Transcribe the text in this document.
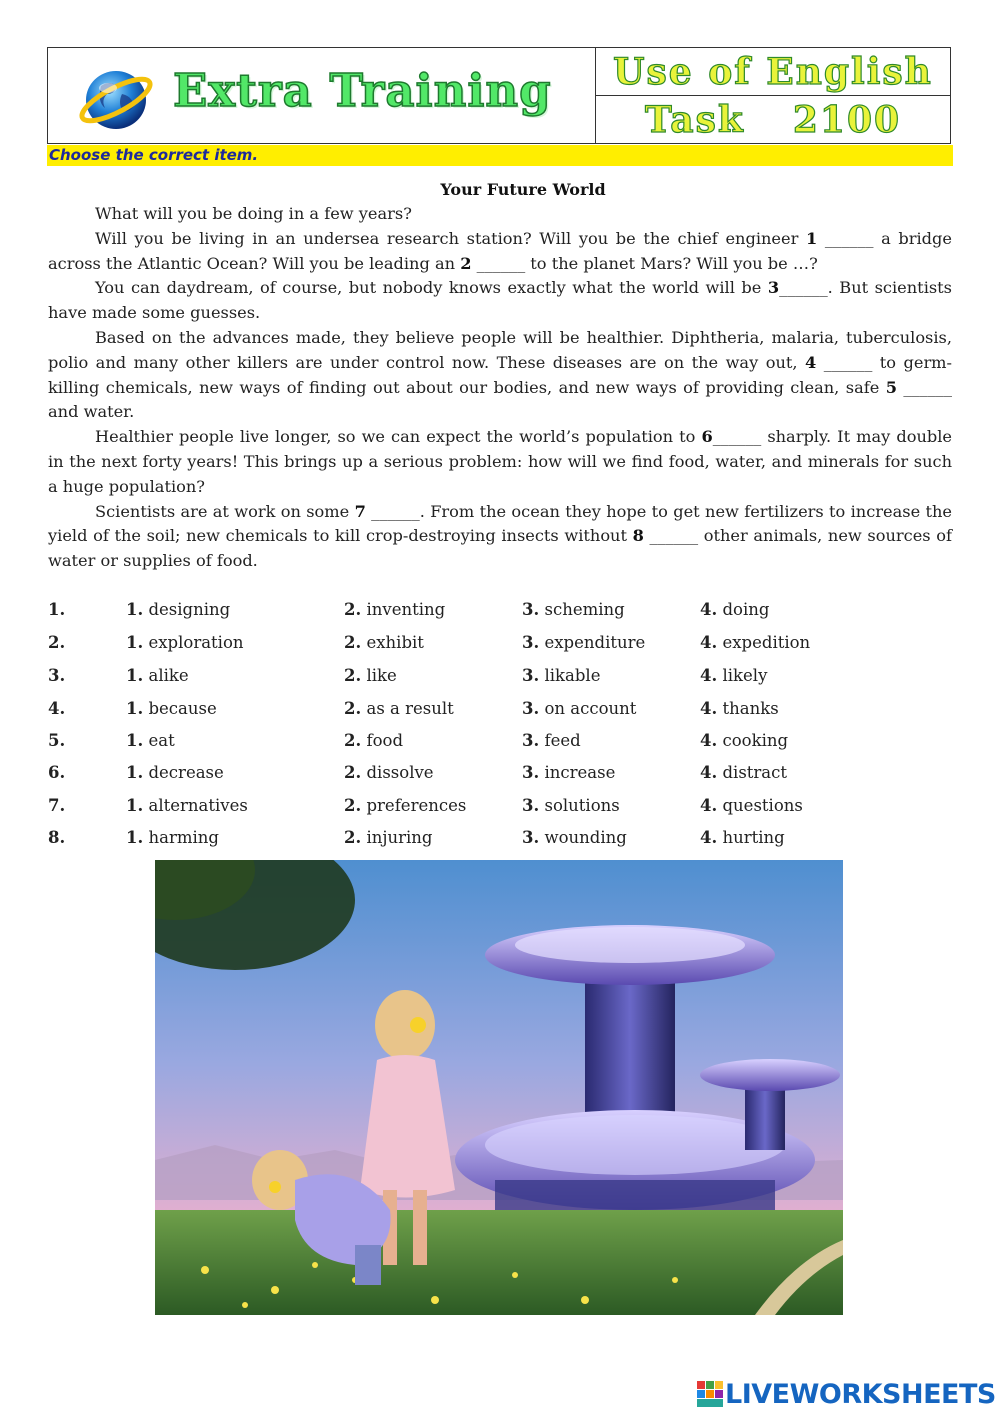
Extra Training	Use of English
Task 2100
Choose the correct item.
Your Future World

What will you be doing in a few years?

Will you be living in an undersea research station? Will you be the chief engineer 1 ______ a bridge across the Atlantic Ocean? Will you be leading an 2 ______ to the planet Mars? Will you be …?

You can daydream, of course, but nobody knows exactly what the world will be 3______. But scientists have made some guesses.

Based on the advances made, they believe people will be healthier. Diphtheria, malaria, tuberculosis, polio and many other killers are under control now. These diseases are on the way out, 4 ______ to germ-killing chemicals, new ways of finding out about our bodies, and new ways of providing clean, safe 5 ______ and water.

Healthier people live longer, so we can expect the world’s population to 6______ sharply. It may double in the next forty years! This brings up a serious problem: how will we find food, water, and minerals for such a huge population?

Scientists are at work on some 7 ______. From the ocean they hope to get new fertilizers to increase the yield of the soil; new chemicals to kill crop-destroying insects without 8 ______ other animals, new sources of water or supplies of food.

1.	1. designing	2. inventing	3. scheming	4. doing
2.	1. exploration	2. exhibit	3. expenditure	4. expedition
3.	1. alike	2. like	3. likable	4. likely
4.	1. because	2. as a result	3. on account	4. thanks
5.	1. eat	2. food	3. feed	4. cooking
6.	1. decrease	2. dissolve	3. increase	4. distract
7.	1. alternatives	2. preferences	3. solutions	4. questions
8.	1. harming	2. injuring	3. wounding	4. hurting
LIVEWORKSHEETS
